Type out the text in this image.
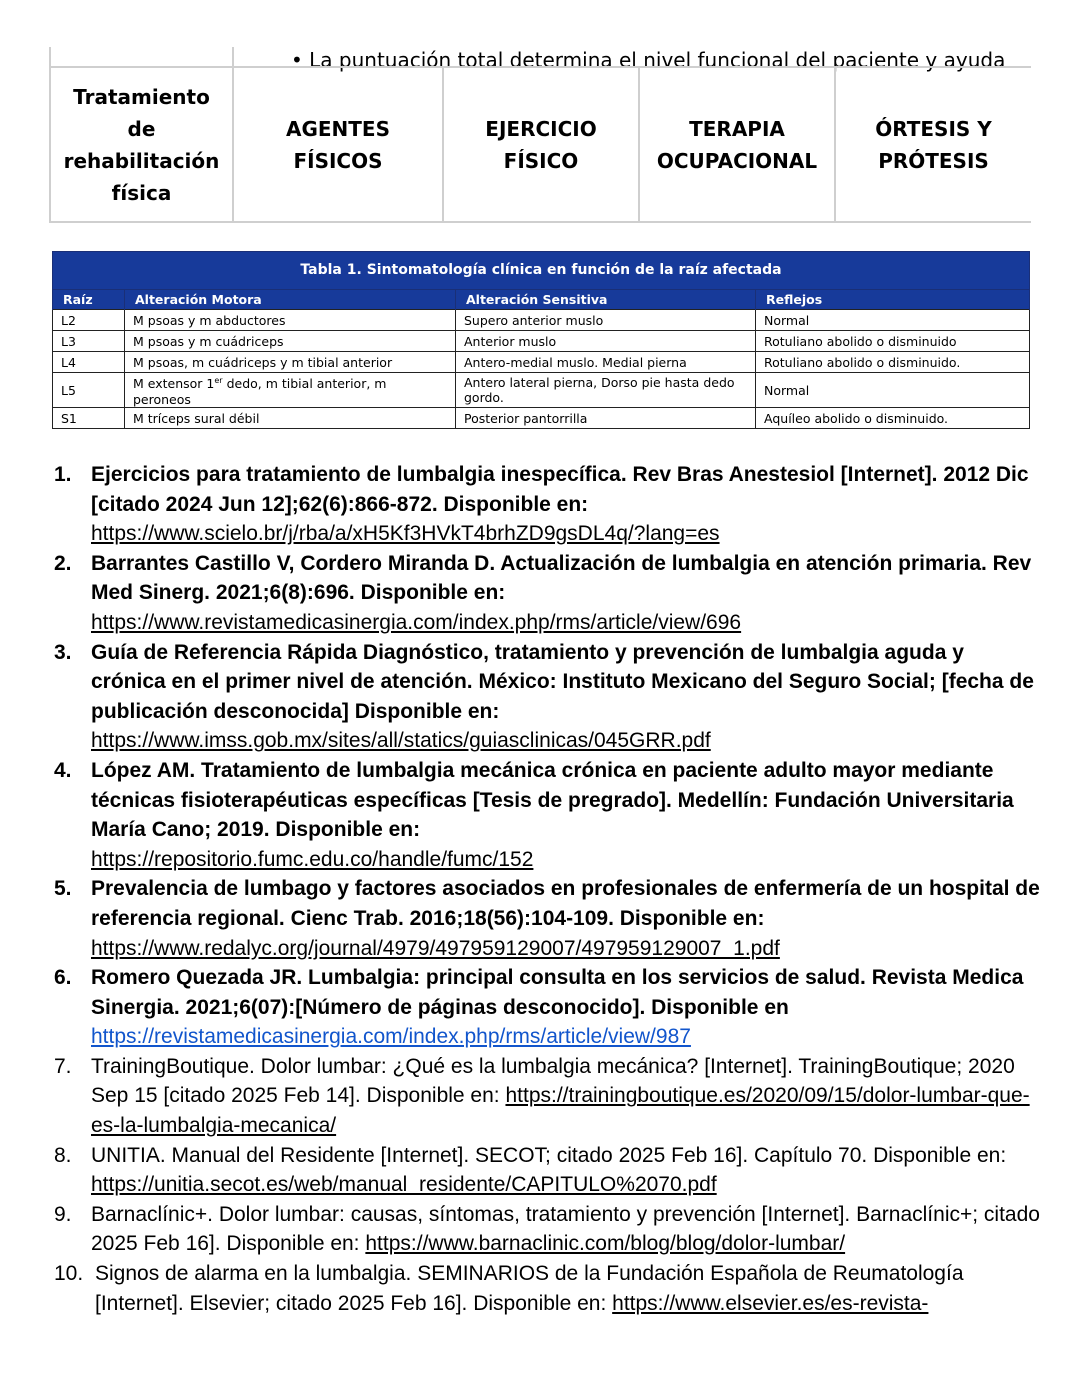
• La puntuación total determina el nivel funcional del paciente y ayuda
Tratamiento de rehabilitación física	AGENTES FÍSICOS	EJERCICIO FÍSICO	TERAPIA OCUPACIONAL	ÓRTESIS Y PRÓTESIS
Tabla 1. Sintomatología clínica en función de la raíz afectada
Raíz	Alteración Motora	Alteración Sensitiva	Reflejos
L2	M psoas y m abductores	Supero anterior muslo	Normal
L3	M psoas y m cuádriceps	Anterior muslo	Rotuliano abolido o disminuido
L4	M psoas, m cuádriceps y m tibial anterior	Antero-medial muslo. Medial pierna	Rotuliano abolido o disminuido.
L5	M extensor 1er dedo, m tibial anterior, m peroneos	Antero lateral pierna, Dorso pie hasta dedo gordo.	Normal
S1	M tríceps sural débil	Posterior pantorrilla	Aquíleo abolido o disminuido.
1. Ejercicios para tratamiento de lumbalgia inespecífica. Rev Bras Anestesiol [Internet]. 2012 Dic [citado 2024 Jun 12];62(6):866-872. Disponible en:
https://www.scielo.br/j/rba/a/xH5Kf3HVkT4brhZD9gsDL4q/?lang=es
2. Barrantes Castillo V, Cordero Miranda D. Actualización de lumbalgia en atención primaria. Rev Med Sinerg. 2021;6(8):696. Disponible en:
https://www.revistamedicasinergia.com/index.php/rms/article/view/696
3. Guía de Referencia Rápida Diagnóstico, tratamiento y prevención de lumbalgia aguda y crónica en el primer nivel de atención. México: Instituto Mexicano del Seguro Social; [fecha de publicación desconocida] Disponible en:
https://www.imss.gob.mx/sites/all/statics/guiasclinicas/045GRR.pdf
4. López AM. Tratamiento de lumbalgia mecánica crónica en paciente adulto mayor mediante técnicas fisioterapéuticas específicas [Tesis de pregrado]. Medellín: Fundación Universitaria María Cano; 2019. Disponible en:
https://repositorio.fumc.edu.co/handle/fumc/152
5. Prevalencia de lumbago y factores asociados en profesionales de enfermería de un hospital de referencia regional. Cienc Trab. 2016;18(56):104-109. Disponible en:
https://www.redalyc.org/journal/4979/497959129007/497959129007_1.pdf
6. Romero Quezada JR. Lumbalgia: principal consulta en los servicios de salud. Revista Medica Sinergia. 2021;6(07):[Número de páginas desconocido]. Disponible en
https://revistamedicasinergia.com/index.php/rms/article/view/987
7. TrainingBoutique. Dolor lumbar: ¿Qué es la lumbalgia mecánica? [Internet]. TrainingBoutique; 2020 Sep 15 [citado 2025 Feb 14]. Disponible en: https://trainingboutique.es/2020/09/15/dolor-lumbar-que-es-la-lumbalgia-mecanica/
8. UNITIA. Manual del Residente [Internet]. SECOT; citado 2025 Feb 16]. Capítulo 70. Disponible en: https://unitia.secot.es/web/manual_residente/CAPITULO%2070.pdf
9. Barnaclínic+. Dolor lumbar: causas, síntomas, tratamiento y prevención [Internet]. Barnaclínic+; citado 2025 Feb 16]. Disponible en: https://www.barnaclinic.com/blog/blog/dolor-lumbar/
10. Signos de alarma en la lumbalgia. SEMINARIOS de la Fundación Española de Reumatología [Internet]. Elsevier; citado 2025 Feb 16]. Disponible en: https://www.elsevier.es/es-revista-
